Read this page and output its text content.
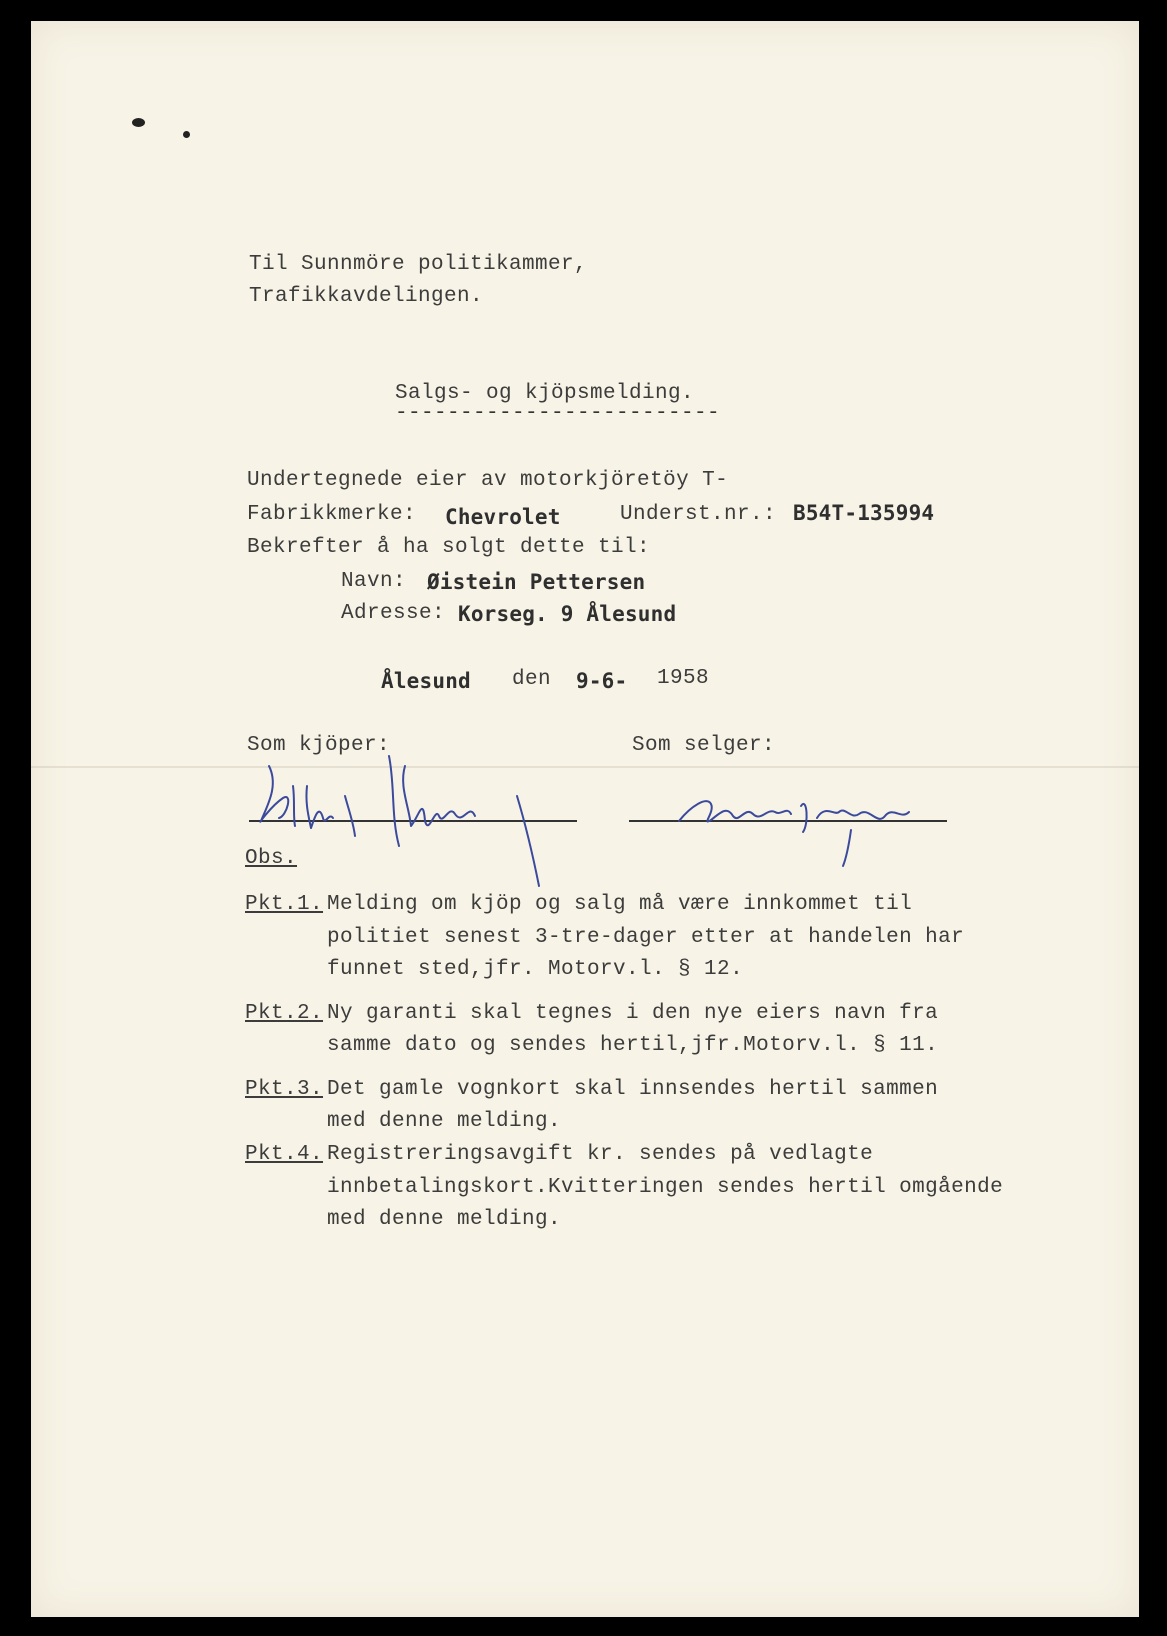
Til Sunnmöre politikammer,
Trafikkavdelingen.
Salgs- og kjöpsmelding.
-------------------------
Undertegnede eier av motorkjöretöy T-
Fabrikkmerke: Chevrolet	Underst.nr.: B54T-135994
Bekrefter å ha solgt dette til:
Navn: Øistein Pettersen
Adresse: Korseg. 9 Ålesund
Ålesund den 9-6- 1958
Som kjöper:	Som selger:
Obs.
Pkt.1. Melding om kjöp og salg må være innkommet til
politiet senest 3-tre-dager etter at handelen har
funnet sted,jfr. Motorv.l. § 12.
Pkt.2. Ny garanti skal tegnes i den nye eiers navn fra
samme dato og sendes hertil,jfr.Motorv.l. § 11.
Pkt.3. Det gamle vognkort skal innsendes hertil sammen
med denne melding.
Pkt.4. Registreringsavgift kr. sendes på vedlagte
innbetalingskort.Kvitteringen sendes hertil omgående
med denne melding.
